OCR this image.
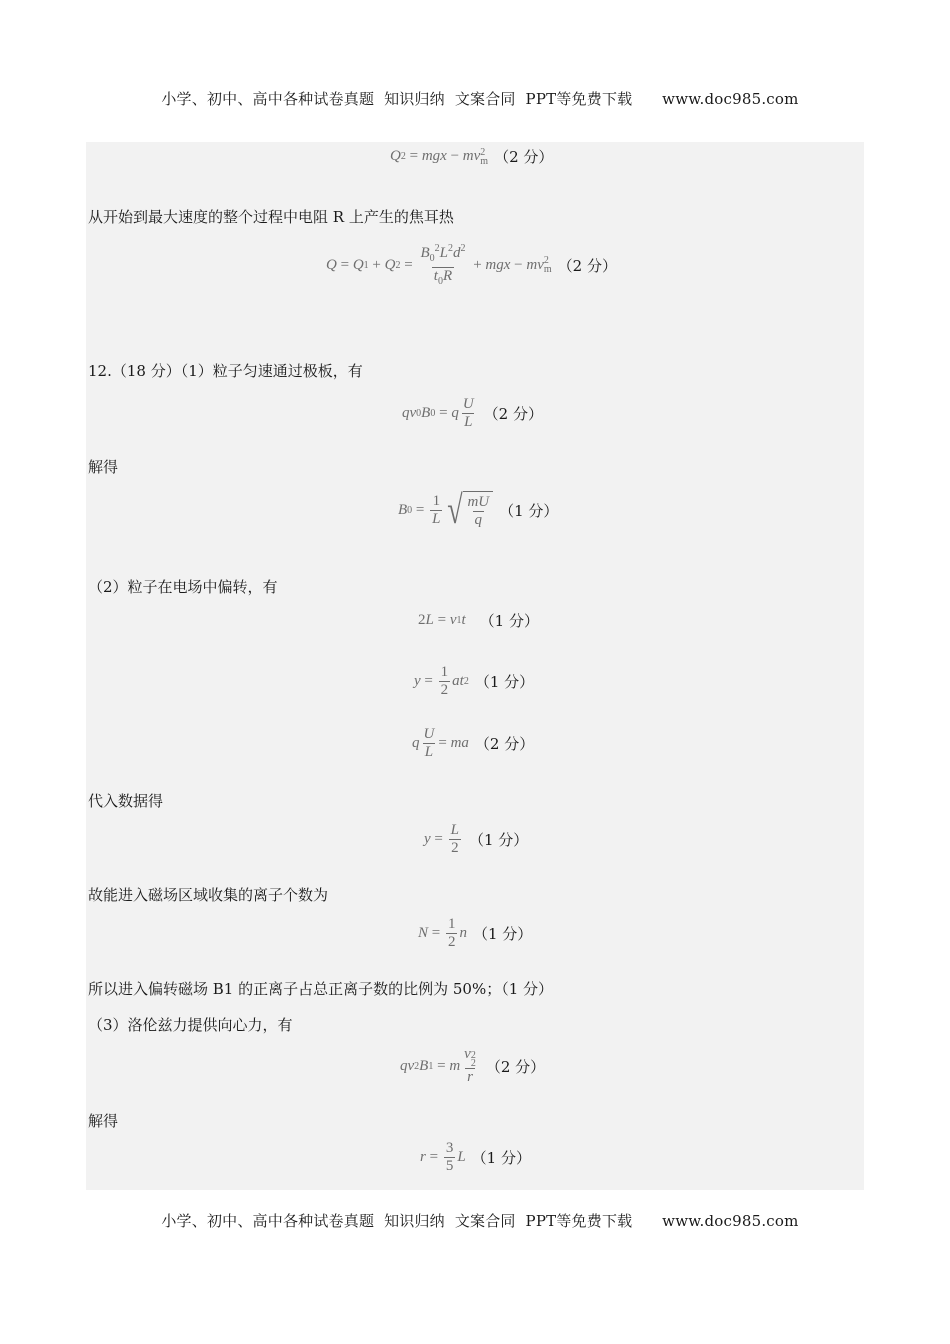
小学、初中、高中各种试卷真题  知识归纳  文案合同  PPT等免费下载 www.doc985.com

Q 2 = mgx − mv 2
m （2 分）
从开始到最大速度的整个过程中电阻 R 上产生的焦耳热
Q = Q 1 + Q $2 = \frac{B_0^2L^2d^2}{t_0R}$ + mgx − mv 2
m （2 分）
12.（18 分）（1）粒子匀速通过极板，有
qv 0 B 0 = q $\frac{U}{L} (2$ 分）
解得
B $0 = \frac{1}{L}$ √ $\frac{mU}{q} (1$ 分）
（2）粒子在电场中偏转，有
2 L = v 1 t （1 分）
$y = \frac{1}{2}$ at 2 （1 分）
q $\frac{U}{L}$ = ma （2 分）
代入数据得
$y = \frac{L}{2} (1$ 分）
故能进入磁场区域收集的离子个数为
$N = \frac{1}{2}$ n （1 分）
所以进入偏转磁场 B1 的正离子占总正离子数的比例为 50%；（1 分）
（3）洛伦兹力提供向心力，有
qv 2 B 1 = m v 2
2
r （2 分）
解得
$r = \frac{3}{5}$ L （1 分）

小学、初中、高中各种试卷真题  知识归纳  文案合同  PPT等免费下载 www.doc985.com
